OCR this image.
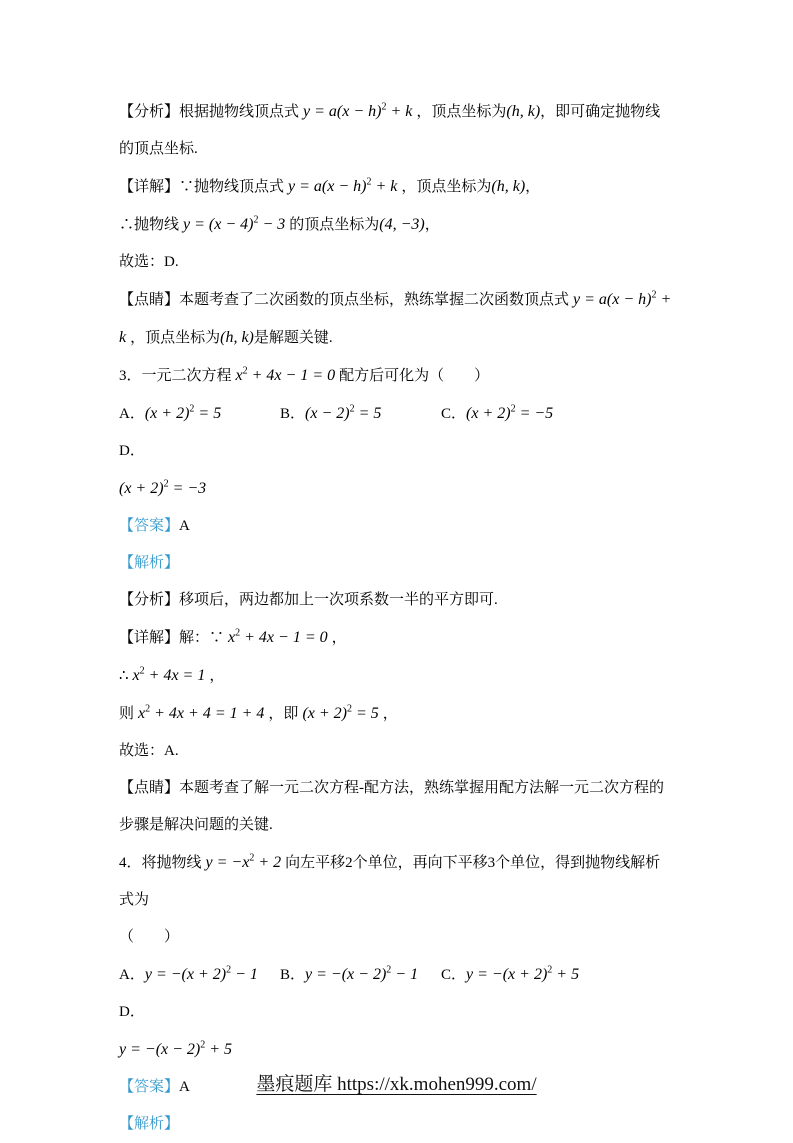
【分析】根据抛物线顶点式 $y = a(x - h)^2 + k$ ，顶点坐标为(h, k)，即可确定抛物线的顶点坐标.

【详解】∵抛物线顶点式 $y = a(x - h)^2 + k$ ，顶点坐标为(h, k)，

∴抛物线 $y = (x - 4)^2 - 3$ 的顶点坐标为(4, −3)，

故选：D.

【点睛】本题考查了二次函数的顶点坐标，熟练掌握二次函数顶点式 $y = a(x - h)^2 + k$ ，顶点坐标为(h, k)是解题关键.

3．一元二次方程 $x^2 + 4x - 1 = 0$ 配方后可化为（　　）

A．$(x + 2)^2 = 5$	B．$(x - 2)^2 = 5$	C．$(x + 2)^2 = -5D$．

$(x + 2)^2 = -3$

【答案】A

【解析】

【分析】移项后，两边都加上一次项系数一半的平方即可.

【详解】解：∵ $x^2 + 4x - 1 = 0$ ，

∴ $x^2 + 4x = 1$ ，

则 $x^2 + 4x + 4 = 1 + 4$ ，即 $(x + 2)^2 = 5$ ，

故选：A.

【点睛】本题考查了解一元二次方程-配方法，熟练掌握用配方法解一元二次方程的步骤是解决问题的关键.

4．将抛物线 $y = -x^2 + 2$ 向左平移2个单位，再向下平移3个单位，得到抛物线解析式为

（　　）

A．$y = -(x + 2)^2 - 1$ B．$y = -(x - 2)^2 - 1$ C．$y = -(x + 2)^2 + 5D$．

$y = -(x - 2)^2 + 5$

【答案】A

【解析】

墨痕题库 https://xk.mohen999.com/
